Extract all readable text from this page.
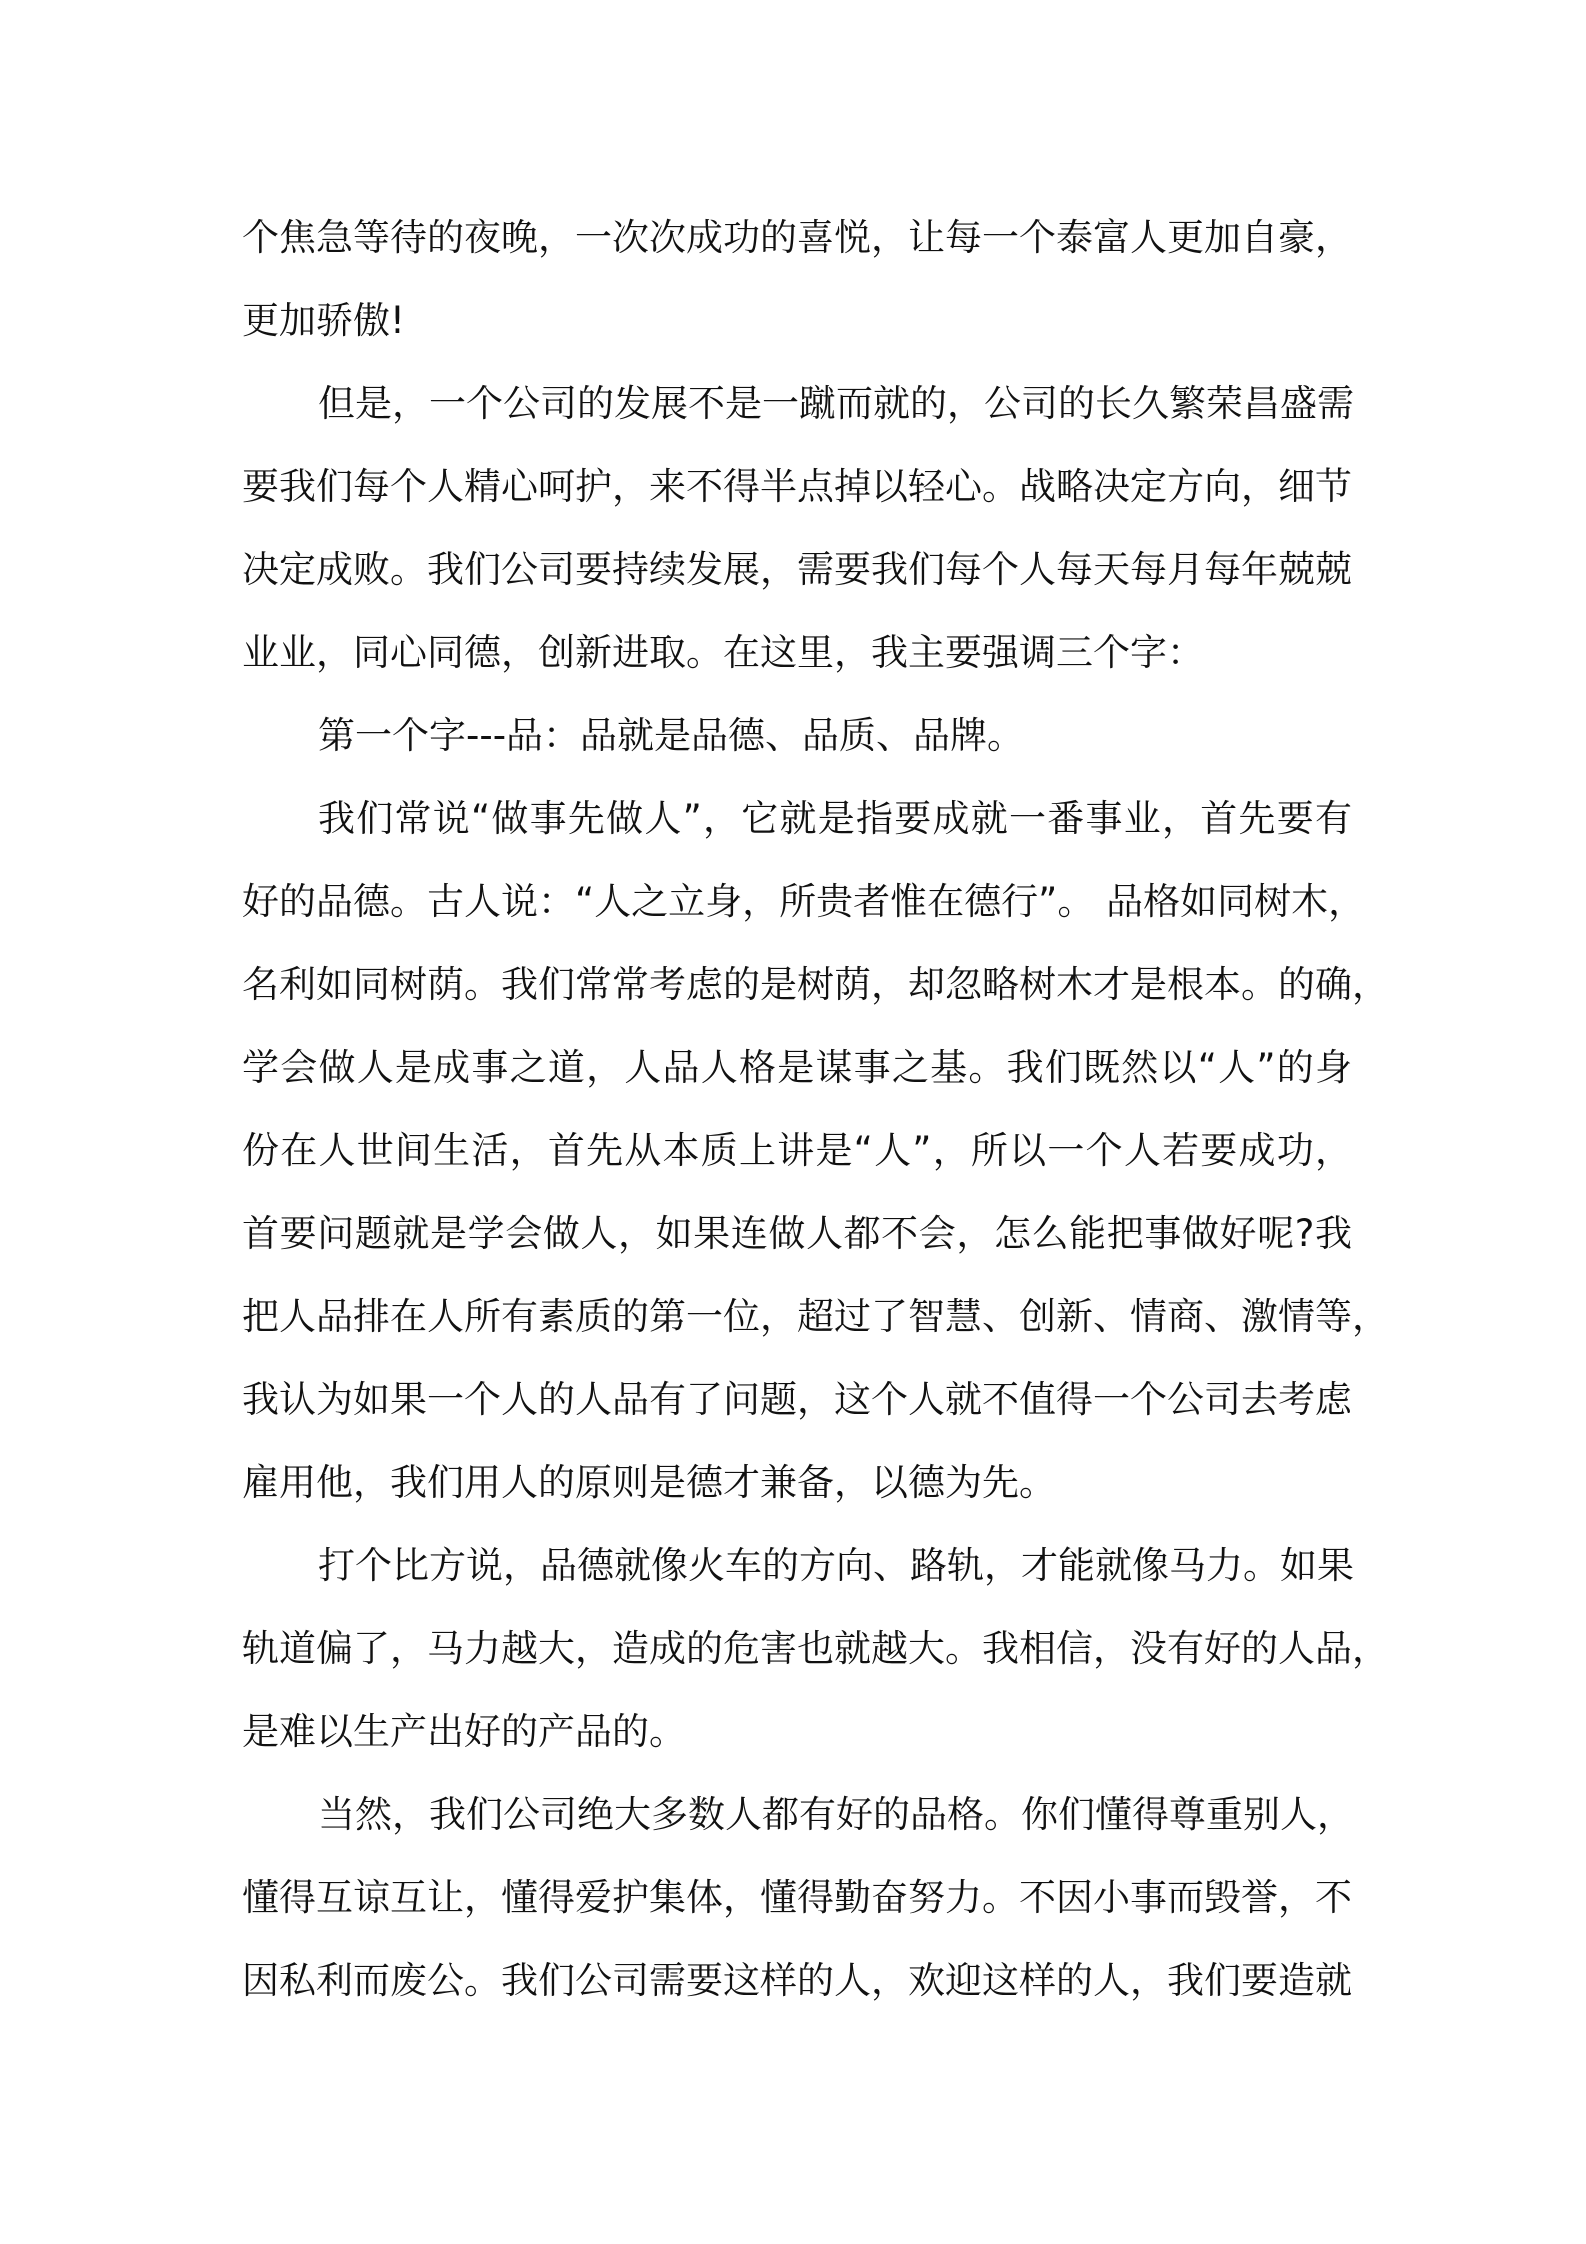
个焦急等待的夜晚，一次次成功的喜悦，让每一个泰富人更加自豪，
更加骄傲!
但是，一个公司的发展不是一蹴而就的，公司的长久繁荣昌盛需
要我们每个人精心呵护，来不得半点掉以轻心。战略决定方向，细节
决定成败。我们公司要持续发展，需要我们每个人每天每月每年兢兢
业业，同心同德，创新进取。在这里，我主要强调三个字：
第一个字---品：品就是品德、品质、品牌。
我们常说“做事先做人”，它就是指要成就一番事业，首先要有
好的品德。古人说：“人之立身，所贵者惟在德行”。 品格如同树木，
名利如同树荫。我们常常考虑的是树荫，却忽略树木才是根本。的确，
学会做人是成事之道，人品人格是谋事之基。我们既然以“人”的身
份在人世间生活，首先从本质上讲是“人”，所以一个人若要成功，
首要问题就是学会做人，如果连做人都不会，怎么能把事做好呢?我
把人品排在人所有素质的第一位，超过了智慧、创新、情商、激情等，
我认为如果一个人的人品有了问题，这个人就不值得一个公司去考虑
雇用他，我们用人的原则是德才兼备，以德为先。
打个比方说，品德就像火车的方向、路轨，才能就像马力。如果
轨道偏了，马力越大，造成的危害也就越大。我相信，没有好的人品，
是难以生产出好的产品的。
当然，我们公司绝大多数人都有好的品格。你们懂得尊重别人，
懂得互谅互让，懂得爱护集体，懂得勤奋努力。不因小事而毁誉，不
因私利而废公。我们公司需要这样的人，欢迎这样的人，我们要造就
